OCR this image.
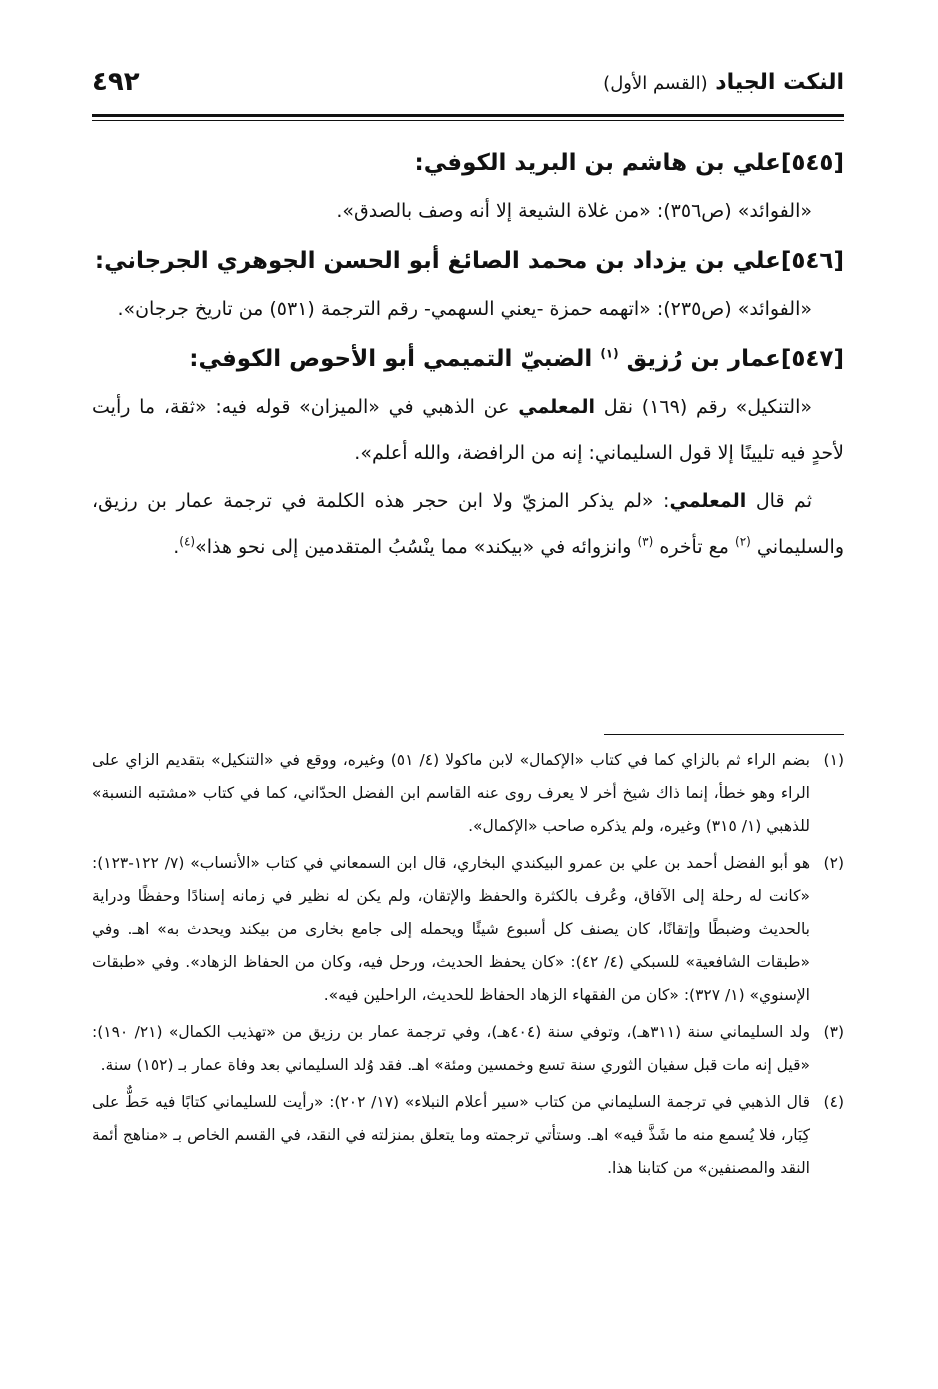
النكت الجياد (القسم الأول)
٤٩٢

[٥٤٥]علي بن هاشم بن البريد الكوفي:

«الفوائد» (ص٣٥٦): «من غلاة الشيعة إلا أنه وصف بالصدق».

[٥٤٦]علي بن يزداد بن محمد الصائغ أبو الحسن الجوهري الجرجاني:

«الفوائد» (ص٢٣٥): «اتهمه حمزة -يعني السهمي- رقم الترجمة (٥٣١) من تاريخ جرجان».

[٥٤٧]عمار بن رُزيق $^{(١)}$ الضبيّ التميمي أبو الأحوص الكوفي:

«التنكيل» رقم (١٦٩) نقل المعلمي عن الذهبي في «الميزان» قوله فيه: «ثقة، ما رأيت لأحدٍ فيه تليينًا إلا قول السليماني: إنه من الرافضة، والله أعلم».

ثم قال المعلمي: «لم يذكر المزيّ ولا ابن حجر هذه الكلمة في ترجمة عمار بن رزيق، والسليماني $^{(٢)}$ مع تأخره $^{(٣)}$ وانزوائه في «بيكند» مما ينْسُبُ المتقدمين إلى نحو هذا»$^{(٤)}$.

(١)
بضم الراء ثم بالزاي كما في كتاب «الإكمال» لابن ماكولا (٤/ ٥١) وغيره، ووقع في «التنكيل» بتقديم الزاي على الراء وهو خطأ، إنما ذاك شيخ أخر لا يعرف روى عنه القاسم ابن الفضل الحدّاني، كما في كتاب «مشتبه النسبة» للذهبي (١/ ٣١٥) وغيره، ولم يذكره صاحب «الإكمال».

(٢)
هو أبو الفضل أحمد بن علي بن عمرو البيكندي البخاري، قال ابن السمعاني في كتاب «الأنساب» (٧/ ١٢٢-١٢٣): «كانت له رحلة إلى الآفاق، وعُرف بالكثرة والحفظ والإتقان، ولم يكن له نظير في زمانه إسنادًا وحفظًا ودراية بالحديث وضبطًا وإتقانًا، كان يصنف كل أسبوع شيئًا ويحمله إلى جامع بخارى من بيكند ويحدث به» اهـ. وفي «طبقات الشافعية» للسبكي (٤/ ٤٢): «كان يحفظ الحديث، ورحل فيه، وكان من الحفاظ الزهاد». وفي «طبقات الإسنوي» (١/ ٣٢٧): «كان من الفقهاء الزهاد الحفاظ للحديث، الراحلين فيه».

(٣)
ولد السليماني سنة (٣١١هـ)، وتوفي سنة (٤٠٤هـ)، وفي ترجمة عمار بن رزيق من «تهذيب الكمال» (٢١/ ١٩٠): «قيل إنه مات قبل سفيان الثوري سنة تسع وخمسين ومئة» اهـ. فقد وُلد السليماني بعد وفاة عمار بـ (١٥٢) سنة.

(٤)
قال الذهبي في ترجمة السليماني من كتاب «سير أعلام النبلاء» (١٧/ ٢٠٢): «رأيت للسليماني كتابًا فيه حَطٌّ على كِبَار، فلا يُسمع منه ما شَذَّ فيه» اهـ. وستأتي ترجمته وما يتعلق بمنزلته في النقد، في القسم الخاص بـ «مناهج أئمة النقد والمصنفين» من كتابنا هذا.
